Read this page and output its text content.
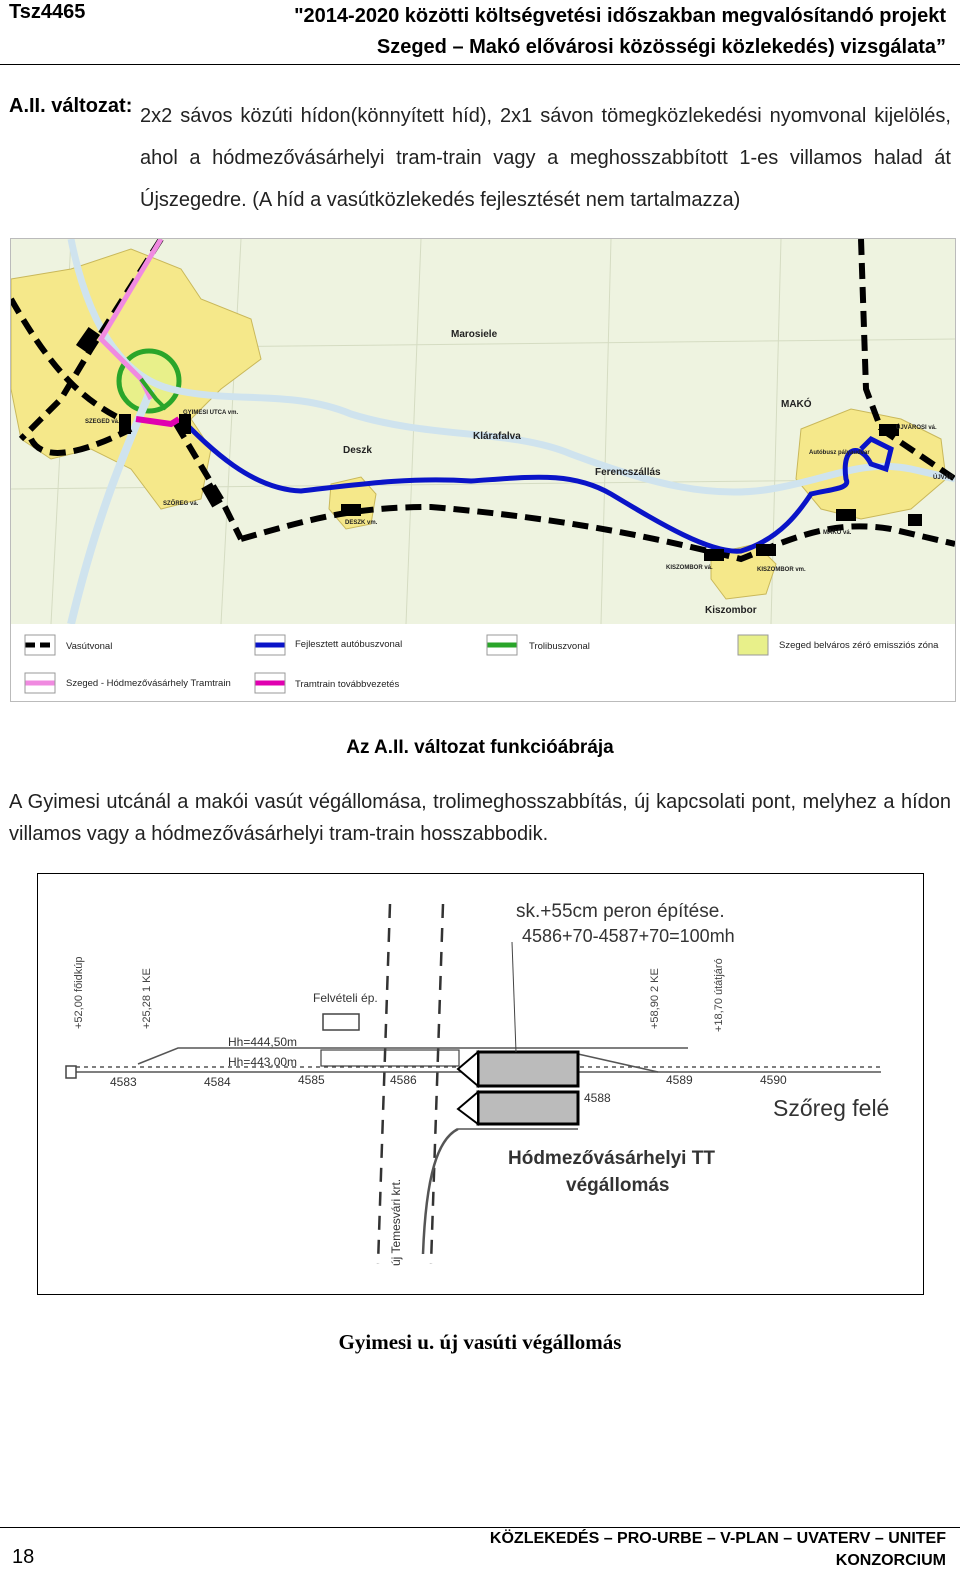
Tsz4465	"2014-2020 közötti költségvetési időszakban megvalósítandó projekt
Szeged – Makó elővárosi közösségi közlekedés) vizsgálata”
A.II. változat: 2x2 sávos közúti hídon(könnyített híd), 2x1 sávon tömegközlekedési nyomvonal kijelölés, ahol a hódmezővásárhelyi tram-train vagy a meghosszabbított 1-es villamos halad át Újszegedre. (A híd a vasútközlekedés fejlesztését nem tartalmazza)
Marosiele
MAKÓ
Klárafalva
Deszk
Ferencszállás
Kiszombor
SZEGED vá.
GYIMESI UTCA vm.
SZŐREG vá.
DESZK vm.
KISZOMBOR vá.	KISZOMBOR vm.
MAKÓ vá.
ÚJVÁROSI vá.
ÚJVÁR
Autóbusz pályaudvar
Vasútvonal	Fejlesztett autóbuszvonal	Trolibuszvonal	Szeged belváros zéró emissziós zóna
Szeged - Hódmezővásárhely Tramtrain	Tramtrain továbbvezetés
Az A.II. változat funkcióábrája
A Gyimesi utcánál a makói vasút végállomása, trolimeghosszabbítás, új kapcsolati pont, melyhez a hídon villamos vagy a hódmezővásárhelyi tram-train hosszabbodik.
+52,00 főidkúp	+25,28 1 KE	+58,90 2 KE	+18,70 útátjáró
sk.+55cm peron építése.
4586+70-4587+70=100mh
Felvételi ép.
Hh=444,50m
Hh=443,00m
4583	4584	4585	4586
4588
4589	4590
Szőreg felé
Hódmezővásárhelyi TT
végállomás
új Temesvári krt.
Gyimesi u. új vasúti végállomás
18
KÖZLEKEDÉS – PRO-URBE – V-PLAN – UVATERV – UNITEF
KONZORCIUM
